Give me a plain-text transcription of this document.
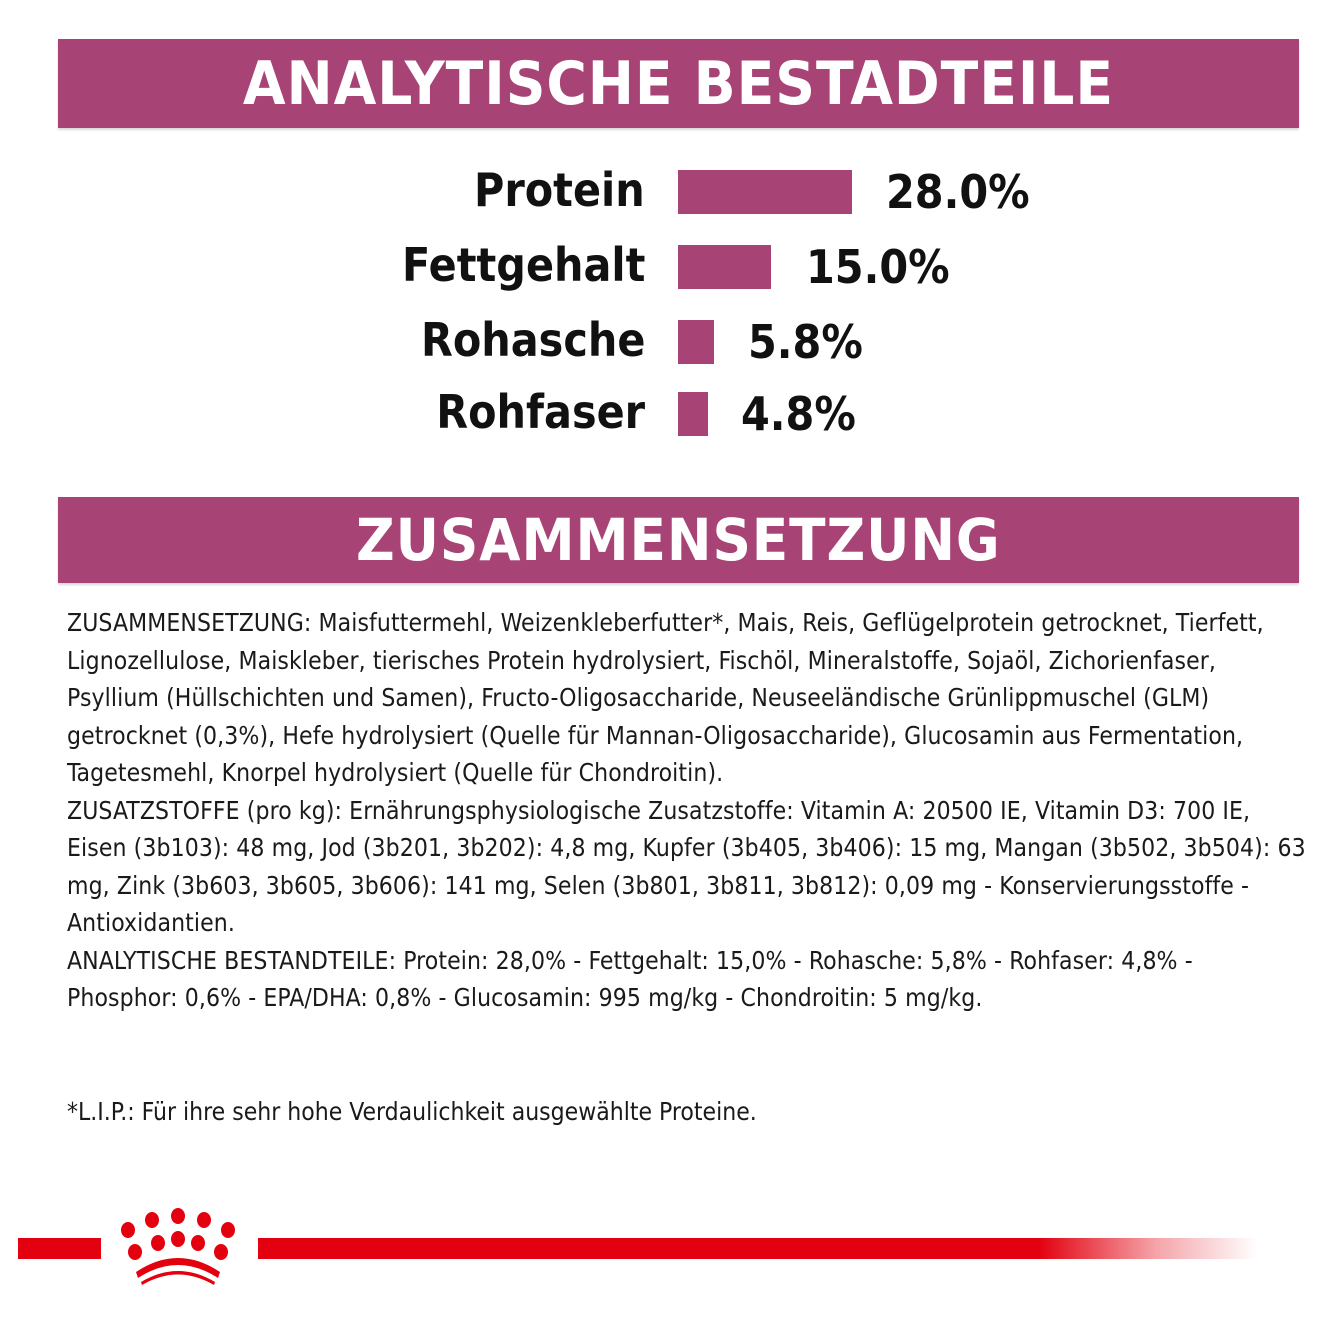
ANALYTISCHE BESTADTEILE
Protein	28.0%
Fettgehalt	15.0%
Rohasche 5.8%
Rohfaser 4.8%
ZUSAMMENSETZUNG

ZUSAMMENSETZUNG: Maisfuttermehl, Weizenkleberfutter*, Mais, Reis, Geflügelprotein getrocknet, Tierfett, Lignozellulose, Maiskleber, tierisches Protein hydrolysiert, Fischöl, Mineralstoffe, Sojaöl, Zichorienfaser, Psyllium (Hüllschichten und Samen), Fructo-Oligosaccharide, Neuseeländische Grünlippmuschel (GLM) getrocknet (0,3%), Hefe hydrolysiert (Quelle für Mannan-Oligosaccharide), Glucosamin aus Fermentation, Tagetesmehl, Knorpel hydrolysiert (Quelle für Chondroitin).

ZUSATZSTOFFE (pro kg): Ernährungsphysiologische Zusatzstoffe: Vitamin A: 20500 IE, Vitamin D3: 700 IE, Eisen (3b103): 48 mg, Jod (3b201, 3b202): 4,8 mg, Kupfer (3b405, 3b406): 15 mg, Mangan (3b502, 3b504): 63 mg, Zink (3b603, 3b605, 3b606): 141 mg, Selen (3b801, 3b811, 3b812): 0,09 mg - Konservierungsstoffe - Antioxidantien.

ANALYTISCHE BESTANDTEILE: Protein: 28,0% - Fettgehalt: 15,0% - Rohasche: 5,8% - Rohfaser: 4,8% - Phosphor: 0,6% - EPA/DHA: 0,8% - Glucosamin: 995 mg/kg - Chondroitin: 5 mg/kg.

*L.I.P.: Für ihre sehr hohe Verdaulichkeit ausgewählte Proteine.
